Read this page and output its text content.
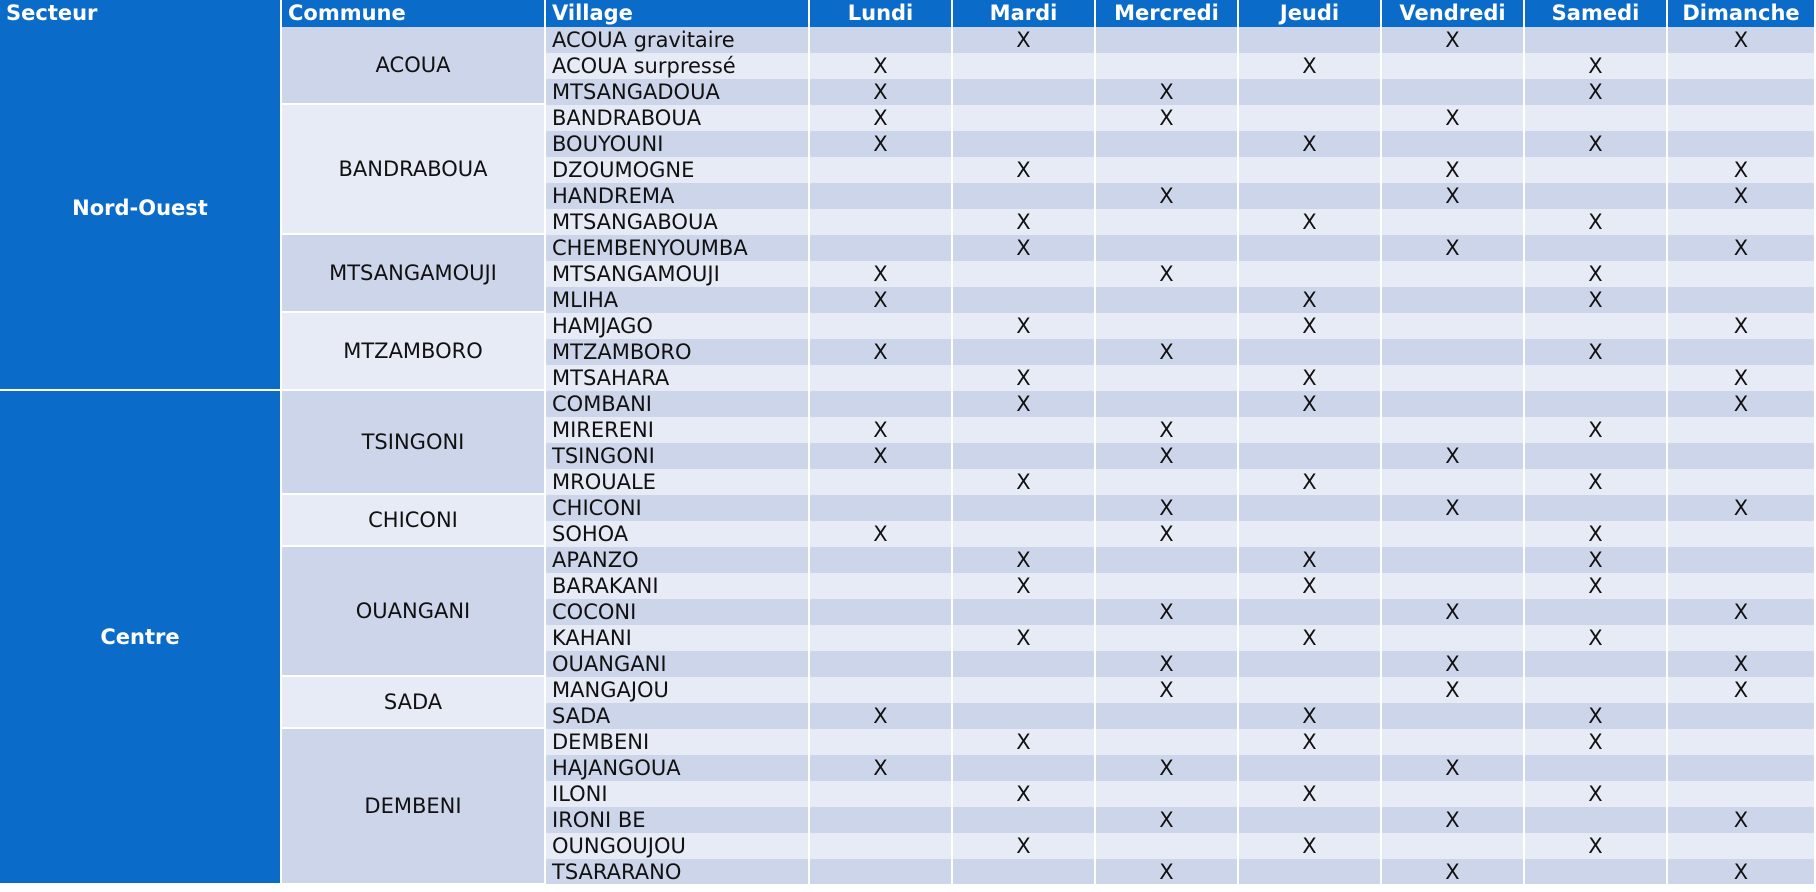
Secteur	Commune	Village	Lundi	Mardi	Mercredi	Jeudi	Vendredi	Samedi	Dimanche
Nord-Ouest	ACOUA	ACOUA gravitaire		X			X		X
		ACOUA surpressé	X			X		X	
		MTSANGADOUA	X		X			X	
	BANDRABOUA	BANDRABOUA	X		X		X		
		BOUYOUNI	X			X		X	
		DZOUMOGNE		X			X		X
		HANDREMA			X		X		X
		MTSANGABOUA		X		X		X	
	MTSANGAMOUJI	CHEMBENYOUMBA		X			X		X
		MTSANGAMOUJI	X		X			X	
		MLIHA	X			X		X	
	MTZAMBORO	HAMJAGO		X		X			X
		MTZAMBORO	X		X			X	
		MTSAHARA		X		X			X
Centre	TSINGONI	COMBANI		X		X			X
		MIRERENI	X		X			X	
		TSINGONI	X		X		X		
		MROUALE		X		X		X	
	CHICONI	CHICONI			X		X		X
		SOHOA	X		X			X	
	OUANGANI	APANZO		X		X		X	
		BARAKANI		X		X		X	
		COCONI			X		X		X
		KAHANI		X		X		X	
		OUANGANI			X		X		X
	SADA	MANGAJOU			X		X		X
		SADA	X			X		X	
	DEMBENI	DEMBENI		X		X		X	
		HAJANGOUA	X		X		X		
		ILONI		X		X		X	
		IRONI BE			X		X		X
		OUNGOUJOU		X		X		X	
		TSARARANO			X		X		X
